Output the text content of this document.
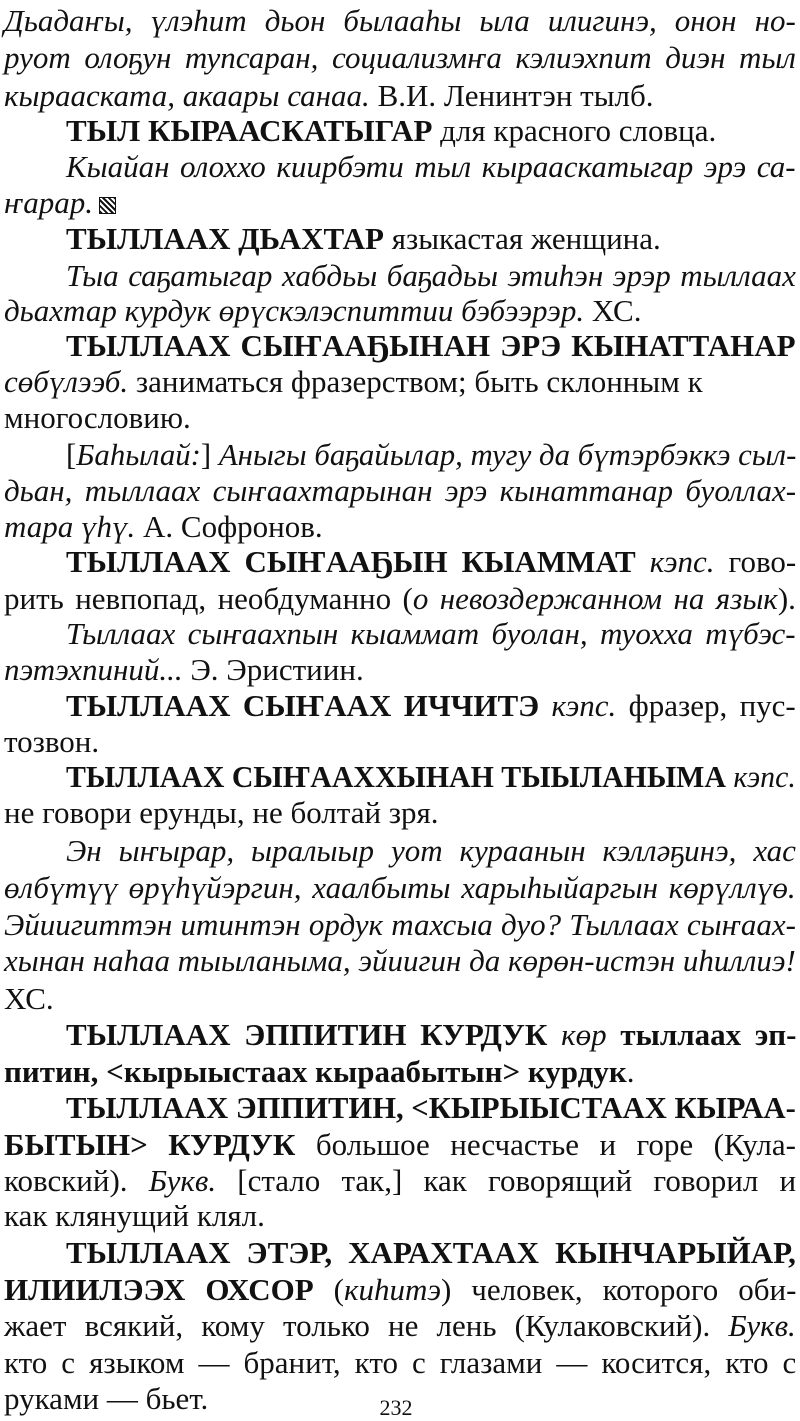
Дьадаҥы, үлэһит дьон былааһы ыла илигинэ, онон но-
руот олоҕун тупсаран, социализмҥа кэлиэхпит диэн тыл
кырааската, акаары санаа. В.И. Ленинтэн тылб.
ТЫЛ КЫРААСКАТЫГАР для красного словца.
Кыайан олоххо киирбэти тыл кырааскатыгар эрэ са-
ҥарар.
ТЫЛЛААХ ДЬАХТАР языкастая женщина.
Тыа саҕатыгар хабдьы баҕадьы этиһэн эрэр тыллаах
дьахтар курдук өрүскэлэспиттии бэбээрэр. ХС.
ТЫЛЛААХ СЫҤААҔЫНАН ЭРЭ КЫНАТТАНАР
сөбүлээб. заниматься фразерством; быть склонным к
многословию.
[Баһылай:] Аныгы баҕайылар, тугу да бүтэрбэккэ сыл-
дьан, тыллаах сыҥаахтарынан эрэ кынаттанар буоллах-
тара үһү. А. Софронов.
ТЫЛЛААХ СЫҤААҔЫН КЫАММАТ кэпс. гово-
рить невпопад, необдуманно (о невоздержанном на язык).
Тыллаах сыҥаахпын кыаммат буолан, туохха түбэс-
пэтэхпиний... Э. Эристиин.
ТЫЛЛААХ СЫҤААХ ИЧЧИТЭ кэпс. фразер, пус-
тозвон.
ТЫЛЛААХ СЫҤААХХЫНАН ТЫЫЛАНЫМА кэпс.
не говори ерунды, не болтай зря.
Эн ыҥырар, ыралыыр уот кураанын кэлләҕинэ, хас
өлбүтүү өрүһүйэргин, хаалбыты харыһыйаргын көрүллүө.
Эйиигиттэн итинтэн ордук тахсыа дуо? Тыллаах сыҥаах-
хынан наһаа тыыланыма, эйиигин да көрөн-истэн иһиллиэ!
ХС.
ТЫЛЛААХ ЭППИТИН КУРДУК көр тыллаах эп-
питин, <кырыыстаах кыраабытын> курдук.
ТЫЛЛААХ ЭППИТИН, <КЫРЫЫСТААХ КЫРАА-
БЫТЫН> КУРДУК большое несчастье и горе (Кула-
ковский). Букв. [стало так,] как говорящий говорил и
как клянущий клял.
ТЫЛЛААХ ЭТЭР, ХАРАХТААХ КЫНЧАРЫЙАР,
ИЛИИЛЭЭХ ОХСОР (киһитэ) человек, которого оби-
жает всякий, кому только не лень (Кулаковский). Букв.
кто с языком — бранит, кто с глазами — косится, кто с
руками — бьет.	232
